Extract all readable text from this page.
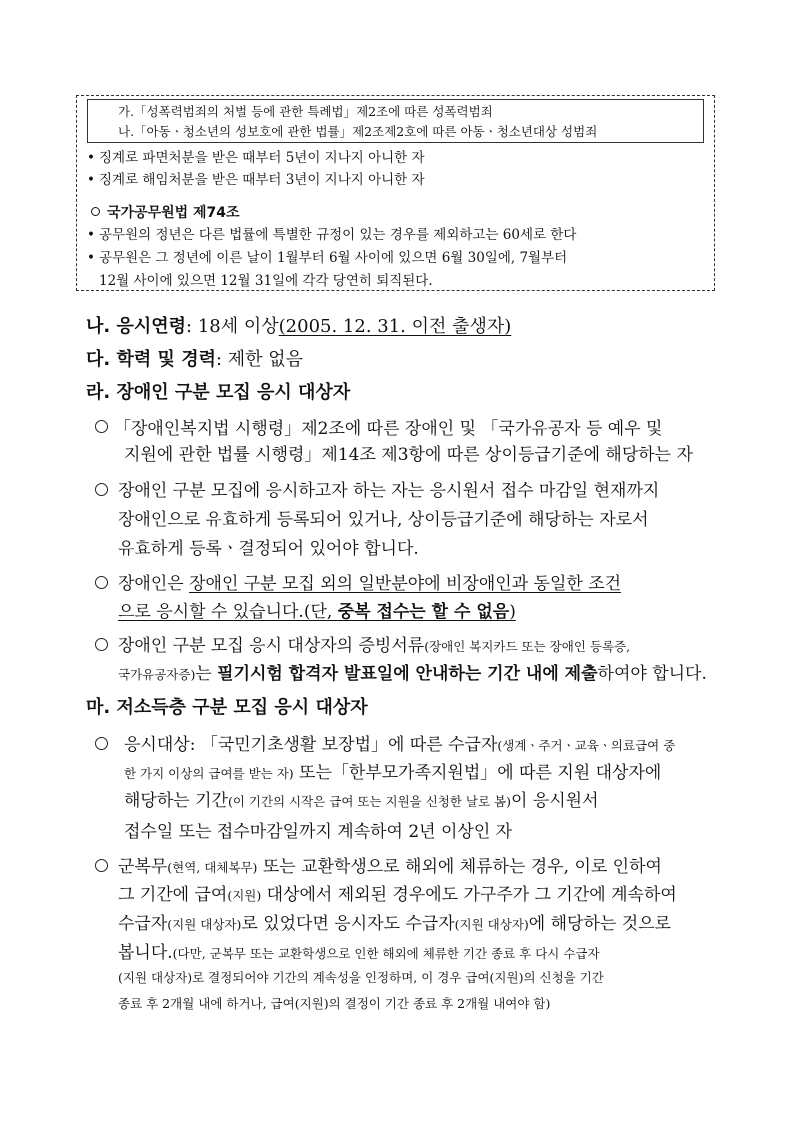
가.「성폭력범죄의 처벌 등에 관한 특례법」제2조에 따른 성폭력범죄
나.「아동ㆍ청소년의 성보호에 관한 법률」제2조제2호에 따른 아동ㆍ청소년대상 성범죄
• 징계로 파면처분을 받은 때부터 5년이 지나지 아니한 자
• 징계로 해임처분을 받은 때부터 3년이 지나지 아니한 자
국가공무원법 제74조
• 공무원의 정년은 다른 법률에 특별한 규정이 있는 경우를 제외하고는 60세로 한다
• 공무원은 그 정년에 이른 날이 1월부터 6월 사이에 있으면 6월 30일에, 7월부터
12월 사이에 있으면 12월 31일에 각각 당연히 퇴직된다.
나. 응시연령: 18세 이상(2005. 12. 31. 이전 출생자)
다. 학력 및 경력: 제한 없음
라. 장애인 구분 모집 응시 대상자
「장애인복지법 시행령」제2조에 따른 장애인 및 「국가유공자 등 예우 및
지원에 관한 법률 시행령」제14조 제3항에 따른 상이등급기준에 해당하는 자
장애인 구분 모집에 응시하고자 하는 자는 응시원서 접수 마감일 현재까지
장애인으로 유효하게 등록되어 있거나, 상이등급기준에 해당하는 자로서
유효하게 등록ㆍ결정되어 있어야 합니다.
장애인은 장애인 구분 모집 외의 일반분야에 비장애인과 동일한 조건
으로 응시할 수 있습니다.(단, 중복 접수는 할 수 없음)
장애인 구분 모집 응시 대상자의 증빙서류(장애인 복지카드 또는 장애인 등록증,
국가유공자증)는 필기시험 합격자 발표일에 안내하는 기간 내에 제출하여야 합니다.
마. 저소득층 구분 모집 응시 대상자
응시대상: 「국민기초생활 보장법」에 따른 수급자(생계ㆍ주거ㆍ교육ㆍ의료급여 중
한 가지 이상의 급여를 받는 자) 또는「한부모가족지원법」에 따른 지원 대상자에
해당하는 기간(이 기간의 시작은 급여 또는 지원을 신청한 날로 봄)이 응시원서
접수일 또는 접수마감일까지 계속하여 2년 이상인 자
군복무(현역, 대체복무) 또는 교환학생으로 해외에 체류하는 경우, 이로 인하여
그 기간에 급여(지원) 대상에서 제외된 경우에도 가구주가 그 기간에 계속하여
수급자(지원 대상자)로 있었다면 응시자도 수급자(지원 대상자)에 해당하는 것으로
봅니다.(다만, 군복무 또는 교환학생으로 인한 해외에 체류한 기간 종료 후 다시 수급자
(지원 대상자)로 결정되어야 기간의 계속성을 인정하며, 이 경우 급여(지원)의 신청을 기간
종료 후 2개월 내에 하거나, 급여(지원)의 결정이 기간 종료 후 2개월 내여야 함)
